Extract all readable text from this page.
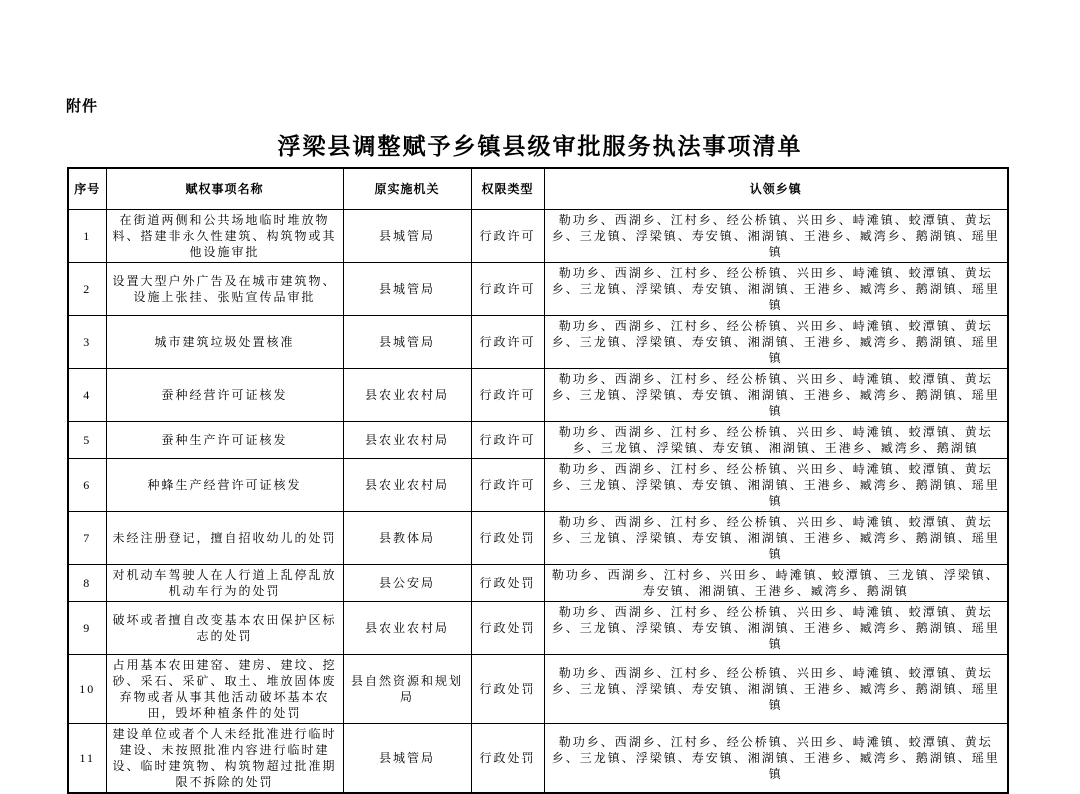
附件
浮梁县调整赋予乡镇县级审批服务执法事项清单
序号	赋权事项名称	原实施机关	权限类型	认领乡镇
1	在街道两侧和公共场地临时堆放物料、搭建非永久性建筑、构筑物或其他设施审批	县城管局	行政许可	勒功乡、西湖乡、江村乡、经公桥镇、兴田乡、峙滩镇、蛟潭镇、黄坛乡、三龙镇、浮梁镇、寿安镇、湘湖镇、王港乡、臧湾乡、鹅湖镇、瑶里镇
2	设置大型户外广告及在城市建筑物、设施上张挂、张贴宣传品审批	县城管局	行政许可	勒功乡、西湖乡、江村乡、经公桥镇、兴田乡、峙滩镇、蛟潭镇、黄坛乡、三龙镇、浮梁镇、寿安镇、湘湖镇、王港乡、臧湾乡、鹅湖镇、瑶里镇
3	城市建筑垃圾处置核准	县城管局	行政许可	勒功乡、西湖乡、江村乡、经公桥镇、兴田乡、峙滩镇、蛟潭镇、黄坛乡、三龙镇、浮梁镇、寿安镇、湘湖镇、王港乡、臧湾乡、鹅湖镇、瑶里镇
4	蚕种经营许可证核发	县农业农村局	行政许可	勒功乡、西湖乡、江村乡、经公桥镇、兴田乡、峙滩镇、蛟潭镇、黄坛乡、三龙镇、浮梁镇、寿安镇、湘湖镇、王港乡、臧湾乡、鹅湖镇、瑶里镇
5	蚕种生产许可证核发	县农业农村局	行政许可	勒功乡、西湖乡、江村乡、经公桥镇、兴田乡、峙滩镇、蛟潭镇、黄坛乡、三龙镇、浮梁镇、寿安镇、湘湖镇、王港乡、臧湾乡、鹅湖镇
6	种蜂生产经营许可证核发	县农业农村局	行政许可	勒功乡、西湖乡、江村乡、经公桥镇、兴田乡、峙滩镇、蛟潭镇、黄坛乡、三龙镇、浮梁镇、寿安镇、湘湖镇、王港乡、臧湾乡、鹅湖镇、瑶里镇
7	未经注册登记，擅自招收幼儿的处罚	县教体局	行政处罚	勒功乡、西湖乡、江村乡、经公桥镇、兴田乡、峙滩镇、蛟潭镇、黄坛乡、三龙镇、浮梁镇、寿安镇、湘湖镇、王港乡、臧湾乡、鹅湖镇、瑶里镇
8	对机动车驾驶人在人行道上乱停乱放机动车行为的处罚	县公安局	行政处罚	勒功乡、西湖乡、江村乡、兴田乡、峙滩镇、蛟潭镇、三龙镇、浮梁镇、寿安镇、湘湖镇、王港乡、臧湾乡、鹅湖镇
9	破坏或者擅自改变基本农田保护区标志的处罚	县农业农村局	行政处罚	勒功乡、西湖乡、江村乡、经公桥镇、兴田乡、峙滩镇、蛟潭镇、黄坛乡、三龙镇、浮梁镇、寿安镇、湘湖镇、王港乡、臧湾乡、鹅湖镇、瑶里镇
10	占用基本农田建窑、建房、建坟、挖砂、采石、采矿、取土、堆放固体废弃物或者从事其他活动破坏基本农田，毁坏种植条件的处罚	县自然资源和规划局	行政处罚	勒功乡、西湖乡、江村乡、经公桥镇、兴田乡、峙滩镇、蛟潭镇、黄坛乡、三龙镇、浮梁镇、寿安镇、湘湖镇、王港乡、臧湾乡、鹅湖镇、瑶里镇
11	建设单位或者个人未经批准进行临时建设、未按照批准内容进行临时建设、临时建筑物、构筑物超过批准期限不拆除的处罚	县城管局	行政处罚	勒功乡、西湖乡、江村乡、经公桥镇、兴田乡、峙滩镇、蛟潭镇、黄坛乡、三龙镇、浮梁镇、寿安镇、湘湖镇、王港乡、臧湾乡、鹅湖镇、瑶里镇
